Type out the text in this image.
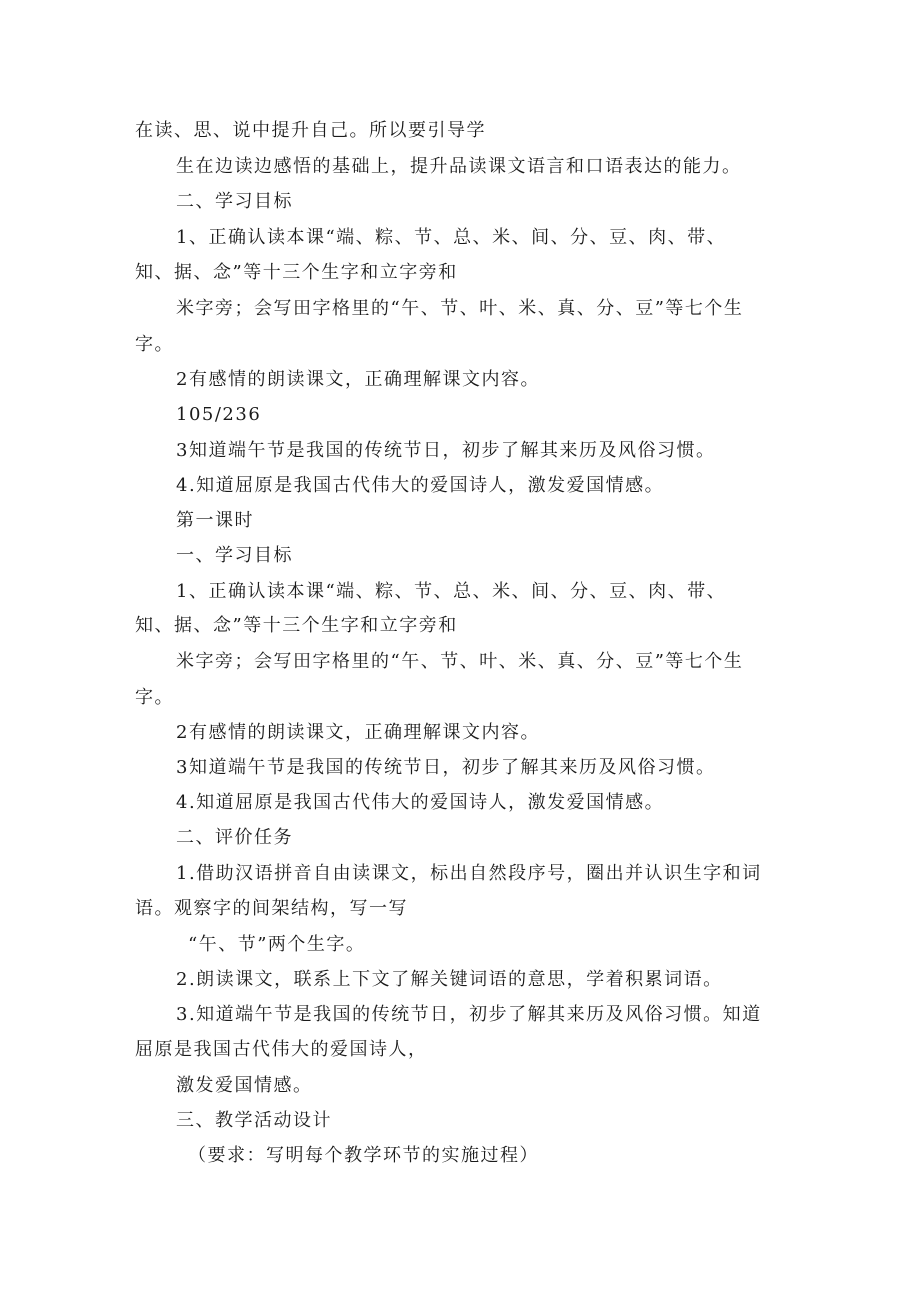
在读、思、说中提升自己。所以要引导学
生在边读边感悟的基础上，提升品读课文语言和口语表达的能力。
二、学习目标
1、正确认读本课“端、粽、节、总、米、间、分、豆、肉、带、
知、据、念”等十三个生字和立字旁和
米字旁；会写田字格里的“午、节、叶、米、真、分、豆”等七个生
字。
2有感情的朗读课文，正确理解课文内容。
105/236
3知道端午节是我国的传统节日，初步了解其来历及风俗习惯。
4.知道屈原是我国古代伟大的爱国诗人，激发爱国情感。
第一课时
一、学习目标
1、正确认读本课“端、粽、节、总、米、间、分、豆、肉、带、
知、据、念”等十三个生字和立字旁和
米字旁；会写田字格里的“午、节、叶、米、真、分、豆”等七个生
字。
2有感情的朗读课文，正确理解课文内容。
3知道端午节是我国的传统节日，初步了解其来历及风俗习惯。
4.知道屈原是我国古代伟大的爱国诗人，激发爱国情感。
二、评价任务
1.借助汉语拼音自由读课文，标出自然段序号，圈出并认识生字和词
语。观察字的间架结构，写一写
“午、节”两个生字。
2.朗读课文，联系上下文了解关键词语的意思，学着积累词语。
3.知道端午节是我国的传统节日，初步了解其来历及风俗习惯。知道
屈原是我国古代伟大的爱国诗人，
激发爱国情感。
三、教学活动设计
（要求：写明每个教学环节的实施过程）
